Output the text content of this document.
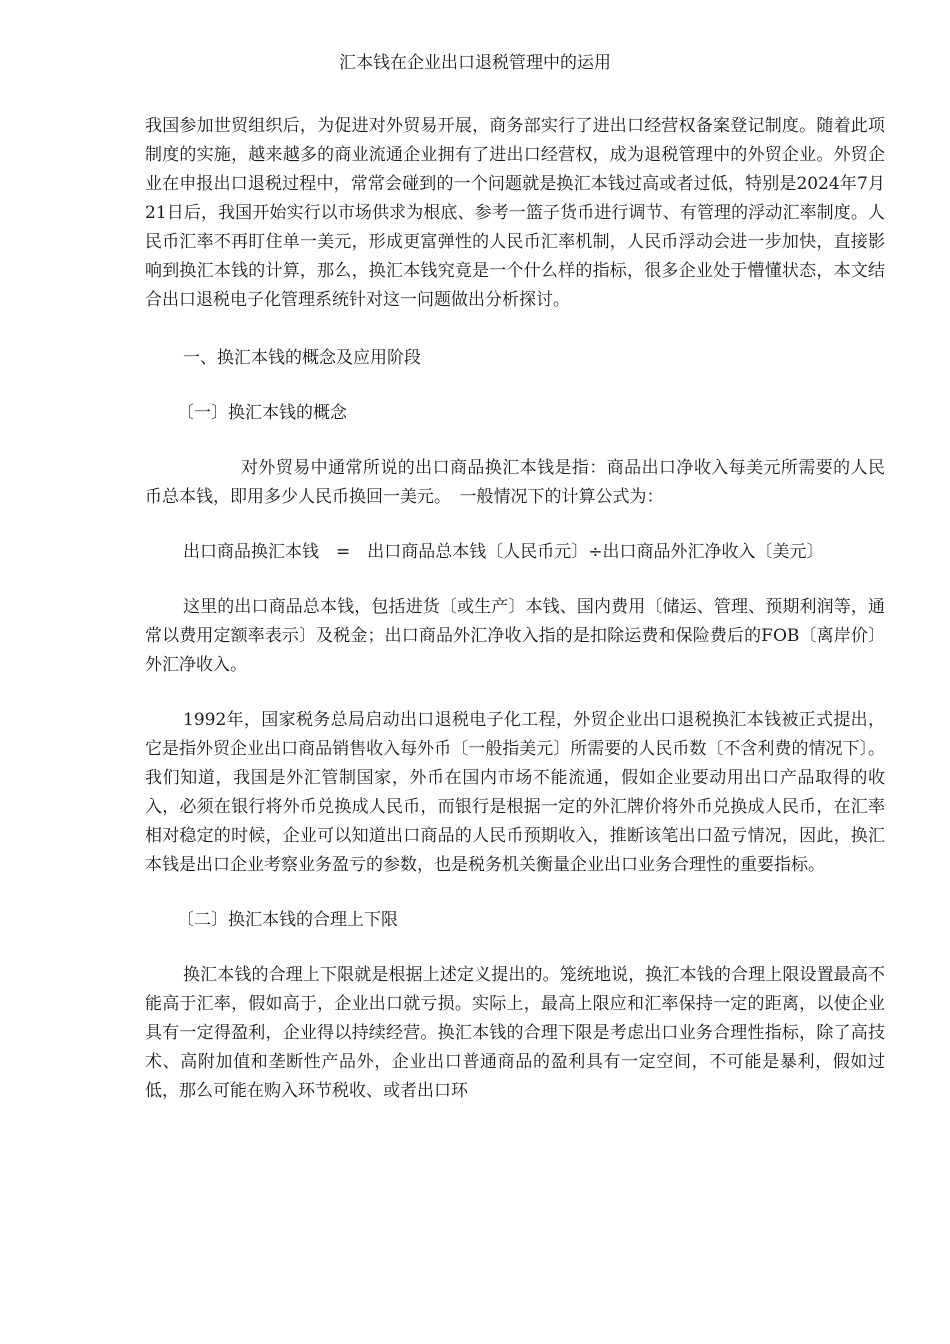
汇本钱在企业出口退税管理中的运用

我国参加世贸组织后，为促进对外贸易开展，商务部实行了进出口经营权备案登记制度。随着此项制度的实施，越来越多的商业流通企业拥有了进出口经营权，成为退税管理中的外贸企业。外贸企业在申报出口退税过程中，常常会碰到的一个问题就是换汇本钱过高或者过低，特别是2024年7月21日后，我国开始实行以市场供求为根底、参考一篮子货币进行调节、有管理的浮动汇率制度。人民币汇率不再盯住单一美元，形成更富弹性的人民币汇率机制，人民币浮动会进一步加快，直接影响到换汇本钱的计算，那么，换汇本钱究竟是一个什么样的指标，很多企业处于懵懂状态，本文结合出口退税电子化管理系统针对这一问题做出分析探讨。

一、换汇本钱的概念及应用阶段
〔一〕换汇本钱的概念

对外贸易中通常所说的出口商品换汇本钱是指：商品出口净收入每美元所需要的人民币总本钱，即用多少人民币换回一美元。　一般情况下的计算公式为：

出口商品换汇本钱　=　出口商品总本钱〔人民币元〕÷出口商品外汇净收入〔美元〕

这里的出口商品总本钱，包括进货〔或生产〕本钱、国内费用〔储运、管理、预期利润等，通常以费用定额率表示〕及税金；出口商品外汇净收入指的是扣除运费和保险费后的FOB〔离岸价〕外汇净收入。

1992年，国家税务总局启动出口退税电子化工程，外贸企业出口退税换汇本钱被正式提出，它是指外贸企业出口商品销售收入每外币〔一般指美元〕所需要的人民币数〔不含利费的情况下〕。我们知道，我国是外汇管制国家，外币在国内市场不能流通，假如企业要动用出口产品取得的收入，必须在银行将外币兑换成人民币，而银行是根据一定的外汇牌价将外币兑换成人民币，在汇率相对稳定的时候，企业可以知道出口商品的人民币预期收入，推断该笔出口盈亏情况，因此，换汇本钱是出口企业考察业务盈亏的参数，也是税务机关衡量企业出口业务合理性的重要指标。

〔二〕换汇本钱的合理上下限

换汇本钱的合理上下限就是根据上述定义提出的。笼统地说，换汇本钱的合理上限设置最高不能高于汇率，假如高于，企业出口就亏损。实际上，最高上限应和汇率保持一定的距离，以使企业具有一定得盈利，企业得以持续经营。换汇本钱的合理下限是考虑出口业务合理性指标，除了高技术、高附加值和垄断性产品外，企业出口普通商品的盈利具有一定空间，不可能是暴利，假如过低，那么可能在购入环节税收、或者出口环
